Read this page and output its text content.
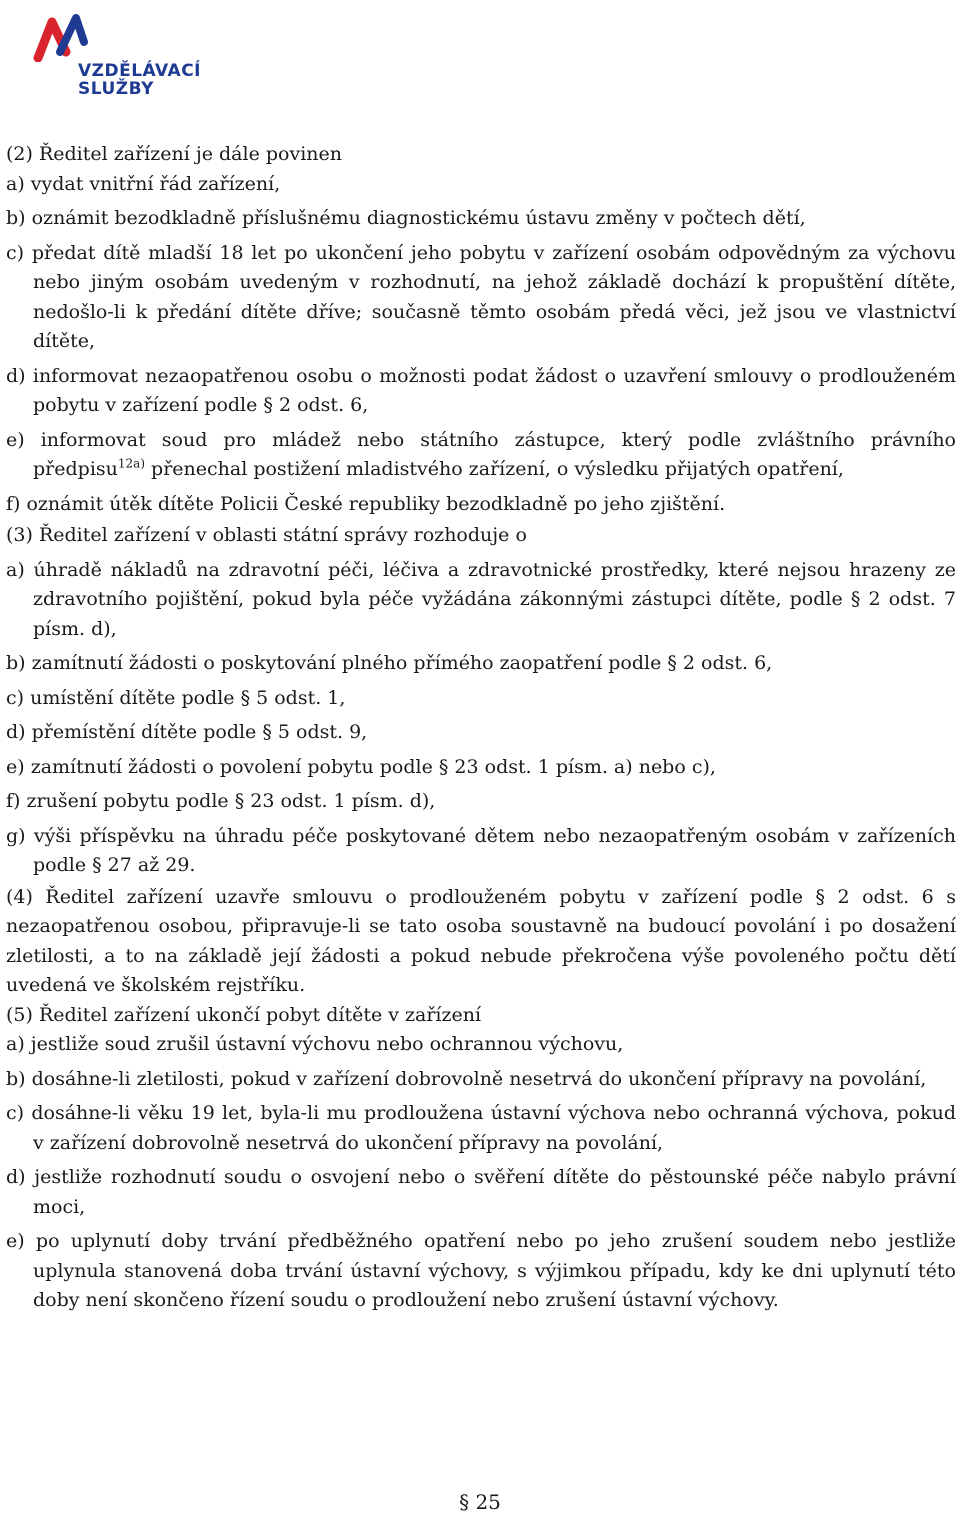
VZDĚLÁVACÍ
SLUŽBY

(2) Ředitel zařízení je dále povinen

a) vydat vnitřní řád zařízení,

b) oznámit bezodkladně příslušnému diagnostickému ústavu změny v počtech dětí,

c) předat dítě mladší 18 let po ukončení jeho pobytu v zařízení osobám odpovědným za výchovu nebo jiným osobám uvedeným v rozhodnutí, na jehož základě dochází k propuštění dítěte, nedošlo-li k předání dítěte dříve; současně těmto osobám předá věci, jež jsou ve vlastnictví dítěte,

d) informovat nezaopatřenou osobu o možnosti podat žádost o uzavření smlouvy o prodlouženém pobytu v zařízení podle § 2 odst. 6,

e) informovat soud pro mládež nebo státního zástupce, který podle zvláštního právního předpisu$^{12a)}$ přenechal postižení mladistvého zařízení, o výsledku přijatých opatření,

f) oznámit útěk dítěte Policii České republiky bezodkladně po jeho zjištění.

(3) Ředitel zařízení v oblasti státní správy rozhoduje o

a) úhradě nákladů na zdravotní péči, léčiva a zdravotnické prostředky, které nejsou hrazeny ze zdravotního pojištění, pokud byla péče vyžádána zákonnými zástupci dítěte, podle § 2 odst. 7 písm. d),

b) zamítnutí žádosti o poskytování plného přímého zaopatření podle § 2 odst. 6,

c) umístění dítěte podle § 5 odst. 1,

d) přemístění dítěte podle § 5 odst. 9,

e) zamítnutí žádosti o povolení pobytu podle § 23 odst. 1 písm. a) nebo c),

f) zrušení pobytu podle § 23 odst. 1 písm. d),

g) výši příspěvku na úhradu péče poskytované dětem nebo nezaopatřeným osobám v zařízeních podle § 27 až 29.

(4) Ředitel zařízení uzavře smlouvu o prodlouženém pobytu v zařízení podle § 2 odst. 6 s nezaopatřenou osobou, připravuje-li se tato osoba soustavně na budoucí povolání i po dosažení zletilosti, a to na základě její žádosti a pokud nebude překročena výše povoleného počtu dětí uvedená ve školském rejstříku.

(5) Ředitel zařízení ukončí pobyt dítěte v zařízení

a) jestliže soud zrušil ústavní výchovu nebo ochrannou výchovu,

b) dosáhne-li zletilosti, pokud v zařízení dobrovolně nesetrvá do ukončení přípravy na povolání,

c) dosáhne-li věku 19 let, byla-li mu prodloužena ústavní výchova nebo ochranná výchova, pokud v zařízení dobrovolně nesetrvá do ukončení přípravy na povolání,

d) jestliže rozhodnutí soudu o osvojení nebo o svěření dítěte do pěstounské péče nabylo právní moci,

e) po uplynutí doby trvání předběžného opatření nebo po jeho zrušení soudem nebo jestliže uplynula stanovená doba trvání ústavní výchovy, s výjimkou případu, kdy ke dni uplynutí této doby není skončeno řízení soudu o prodloužení nebo zrušení ústavní výchovy.

§ 25
